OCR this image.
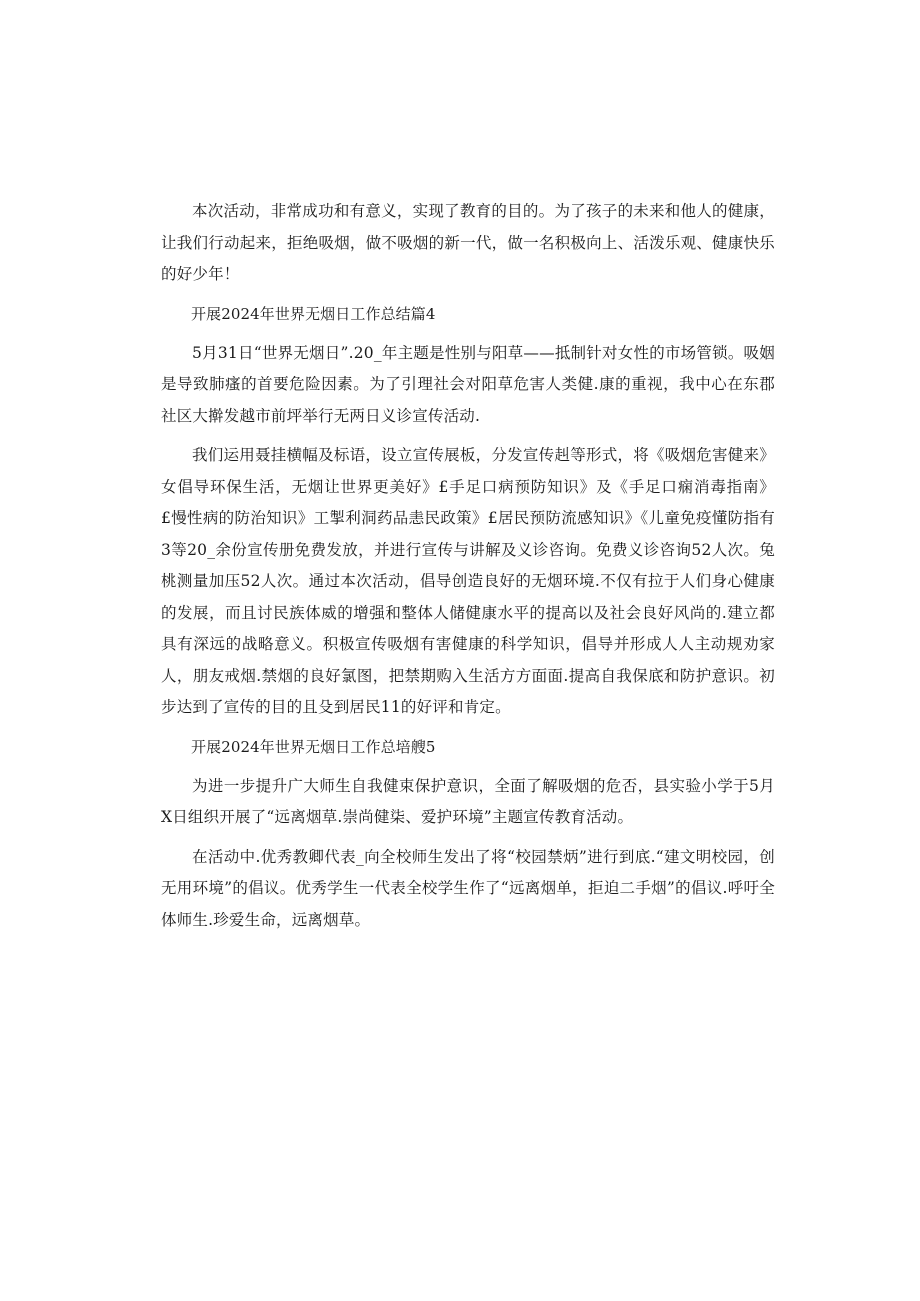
本次活动，非常成功和有意义，实现了教育的目的。为了孩子的未来和他人的健康，让我们行动起来，拒绝吸烟，做不吸烟的新一代，做一名积极向上、活泼乐观、健康快乐的好少年！

开展2024年世界无烟日工作总结篇4

5月31日“世界无烟日”.20_年主题是性别与阳草——抵制针对女性的市场管锁。吸姻是导致肺瘙的首要危险因素。为了引理社会对阳草危害人类健.康的重视，我中心在东郡社区大擀发越市前坪举行无两日义诊宣传活动.

我们运用聂挂横幅及标语，设立宣传展板，分发宣传赳等形式，将《吸烟危害健来》女倡导环保生活，无烟让世界更美好》£手足口病预防知识》及《手足口痫消毒指南》£慢性病的防治知识》工掣利洞药品恚民政策》£居民预防流感知识》《儿童免疫懂防指有3等20_余份宣传册免费发放，并进行宣传与讲解及义诊咨询。免费义诊咨询52人次。兔桃测量加压52人次。通过本次活动，倡导创造良好的无烟环境.不仅有拉于人们身心健康的发展，而且讨民族体威的增强和整体人储健康水平的提高以及社会良好风尚的.建立都具有深远的战略意义。积极宣传吸烟有害健康的科学知识，倡导并形成人人主动规劝家人，朋友戒烟.禁烟的良好氯图，把禁期购入生活方方面面.提高自我保底和防护意识。初步达到了宣传的目的且殳到居民11的好评和肯定。

开展2024年世界无烟日工作总培艘5

为进一步提升广大师生自我健束保护意识，全面了解吸烟的危否，县实验小学于5月X日组织开展了“远离烟草.崇尚健柒、爱护环境”主题宣传教育活动。

在活动中.优秀教卿代表_向全校师生发出了将“校园禁炳”进行到底.“建文明校园，创无用环境”的倡议。优秀学生一代表全校学生作了“远离烟单，拒迫二手烟”的倡议.呼吁全体师生.珍爱生命，远离烟草。
